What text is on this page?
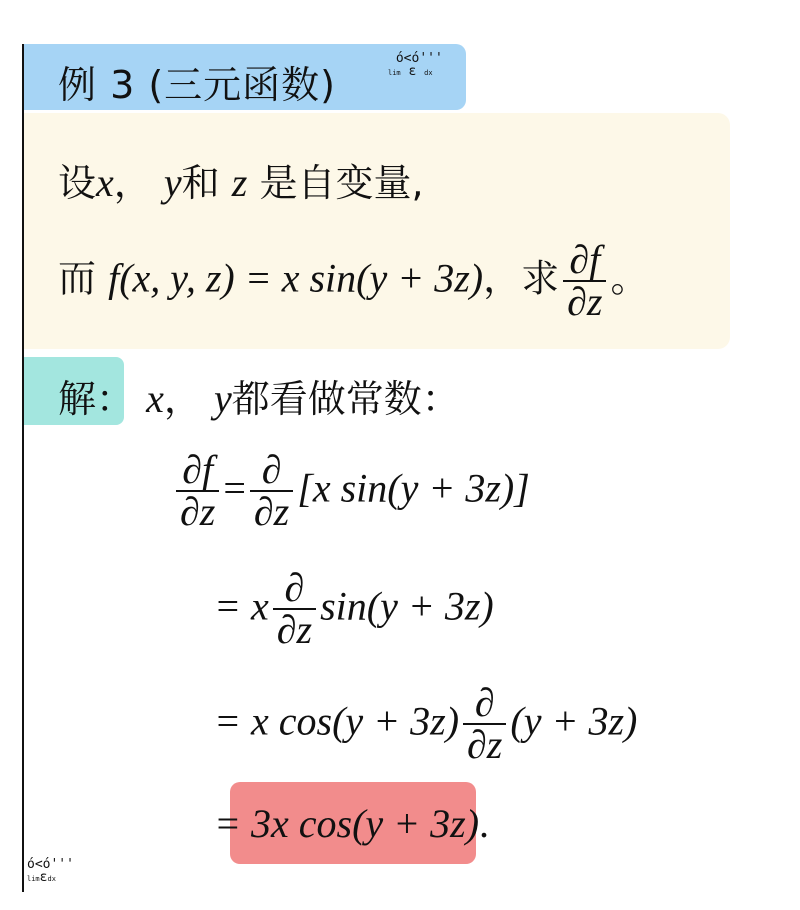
例 3 (三元函数)
ó<ó'''
lim ε dx
设x， y和 z 是自变量,
而 f(x, y, z) = x sin(y + 3z)，求 $\frac{\partial f}{\partial z}$ 。
解： x， y都看做常数：
$\frac{\partial f}{\partial z} = \frac{\partial}{\partial z} [x$ sin(y + 3z)]
= x $\frac{\partial}{\partial z} \sin(y + 3z)$
= x $\cos(y + 3z) \frac{\partial}{\partial z} (y + 3z)$
= 3x cos(y + 3z).
ó<ó'''
limεdx
